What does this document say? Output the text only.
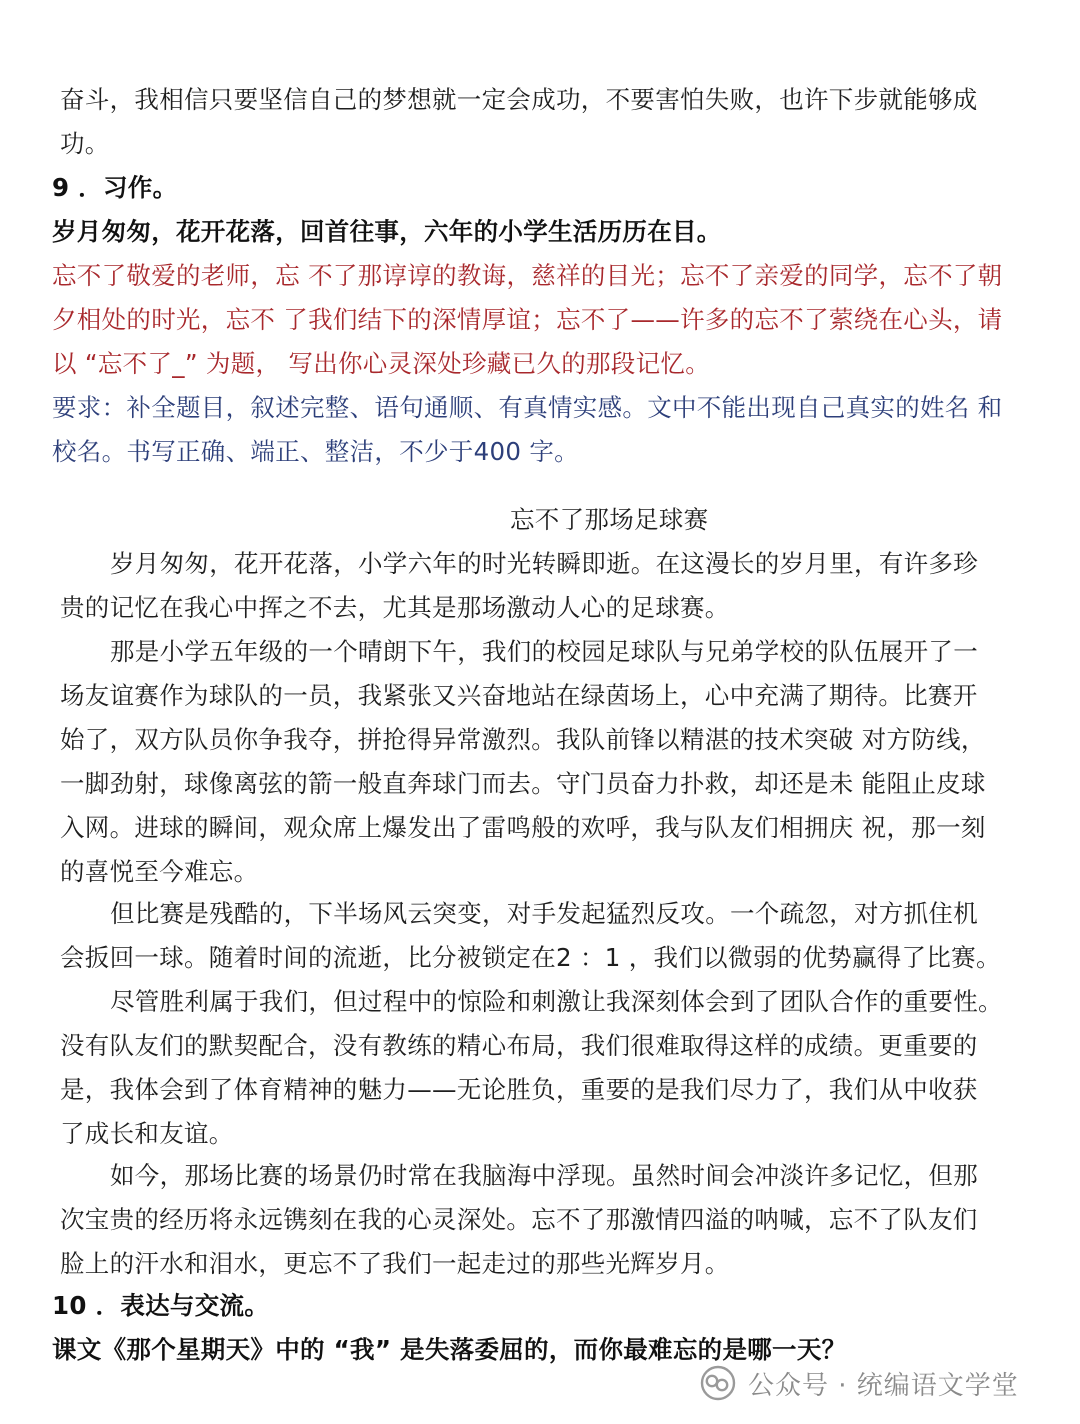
奋斗，我相信只要坚信自己的梦想就一定会成功，不要害怕失败，也许下步就能够成
功。
9 ．习作。
岁月匆匆，花开花落，回首往事，六年的小学生活历历在目。
忘不了敬爱的老师，忘 不了那谆谆的教诲，慈祥的目光；忘不了亲爱的同学，忘不了朝
夕相处的时光，忘不 了我们结下的深情厚谊；忘不了——许多的忘不了萦绕在心头，请
以 “忘不了_” 为题， 写出你心灵深处珍藏已久的那段记忆。
要求：补全题目，叙述完整、语句通顺、有真情实感。文中不能出现自己真实的姓名 和
校名。书写正确、端正、整洁，不少于400 字。
忘不了那场足球赛
岁月匆匆，花开花落，小学六年的时光转瞬即逝。在这漫长的岁月里，有许多珍
贵的记忆在我心中挥之不去，尤其是那场激动人心的足球赛。
那是小学五年级的一个晴朗下午，我们的校园足球队与兄弟学校的队伍展开了一
场友谊赛作为球队的一员，我紧张又兴奋地站在绿茵场上，心中充满了期待。比赛开
始了，双方队员你争我夺，拼抢得异常激烈。我队前锋以精湛的技术突破 对方防线，
一脚劲射，球像离弦的箭一般直奔球门而去。守门员奋力扑救，却还是未 能阻止皮球
入网。进球的瞬间，观众席上爆发出了雷鸣般的欢呼，我与队友们相拥庆 祝，那一刻
的喜悦至今难忘。
但比赛是残酷的，下半场风云突变，对手发起猛烈反攻。一个疏忽，对方抓住机
会扳回一球。随着时间的流逝，比分被锁定在2 ：1 ，我们以微弱的优势赢得了比赛。
尽管胜利属于我们，但过程中的惊险和刺激让我深刻体会到了团队合作的重要性。
没有队友们的默契配合，没有教练的精心布局，我们很难取得这样的成绩。更重要的
是，我体会到了体育精神的魅力——无论胜负，重要的是我们尽力了，我们从中收获
了成长和友谊。
如今，那场比赛的场景仍时常在我脑海中浮现。虽然时间会冲淡许多记忆，但那
次宝贵的经历将永远镌刻在我的心灵深处。忘不了那激情四溢的呐喊，忘不了队友们
脸上的汗水和泪水，更忘不了我们一起走过的那些光辉岁月。
10 ．表达与交流。
课文《那个星期天》中的 “我” 是失落委屈的，而你最难忘的是哪一天？
公众号 · 统编语文学堂
